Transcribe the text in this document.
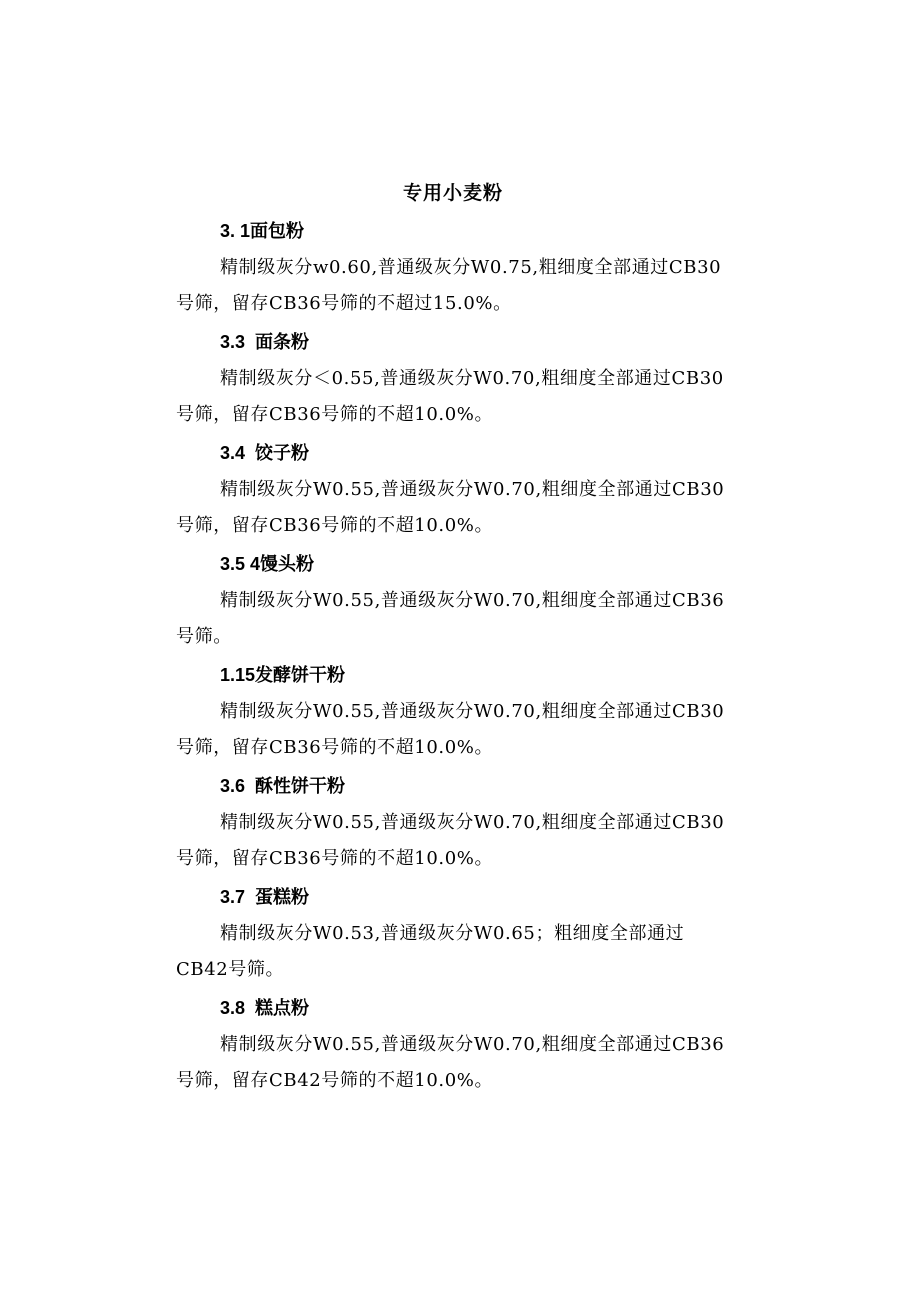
专用小麦粉
3. 1面包粉

精制级灰分w0.60,普通级灰分W0.75,粗细度全部通过CB30号筛，留存CB36号筛的不超过15.0%。

3.3  面条粉

精制级灰分＜0.55,普通级灰分W0.70,粗细度全部通过CB30号筛，留存CB36号筛的不超10.0%。

3.4  饺子粉

精制级灰分W0.55,普通级灰分W0.70,粗细度全部通过CB30号筛，留存CB36号筛的不超10.0%。

3.5 4馒头粉

精制级灰分W0.55,普通级灰分W0.70,粗细度全部通过CB36号筛。

1.15发酵饼干粉

精制级灰分W0.55,普通级灰分W0.70,粗细度全部通过CB30号筛，留存CB36号筛的不超10.0%。

3.6  酥性饼干粉

精制级灰分W0.55,普通级灰分W0.70,粗细度全部通过CB30号筛，留存CB36号筛的不超10.0%。

3.7  蛋糕粉

精制级灰分W0.53,普通级灰分W0.65；粗细度全部通过CB42号筛。

3.8  糕点粉

精制级灰分W0.55,普通级灰分W0.70,粗细度全部通过CB36号筛，留存CB42号筛的不超10.0%。
